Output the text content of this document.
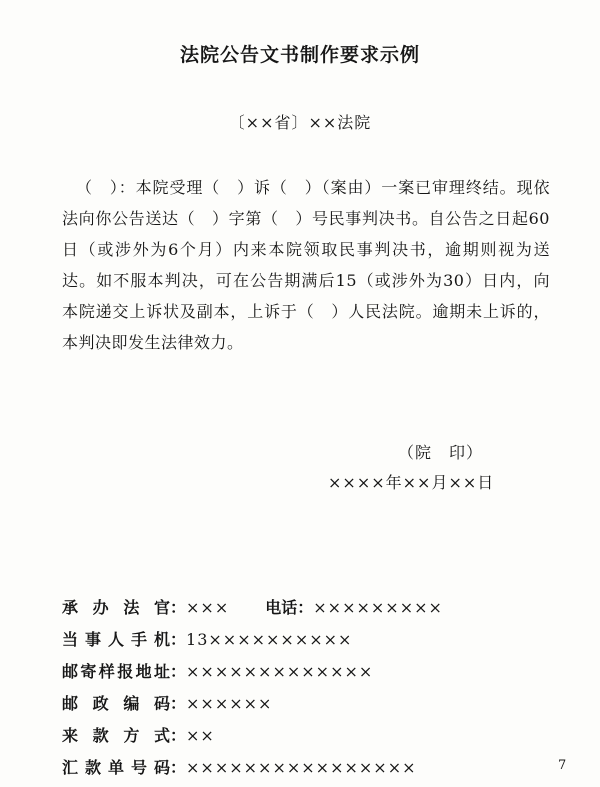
法院公告文书制作要求示例
〔××省〕××法院

（　）：本院受理（　）诉（　）（案由）一案已审理终结。现依法向你公告送达（　）字第（　）号民事判决书。自公告之日起60日（或涉外为6个月）内来本院领取民事判决书，逾期则视为送达。如不服本判决，可在公告期满后15（或涉外为30）日内，向本院递交上诉状及副本，上诉于（　）人民法院。逾期未上诉的，本判决即发生法律效力。

（院　印）
××××年××月××日
承办法官：××× 电话：×××××××××
当事人手机：13××××××××××
邮寄样报地址：×××××××××××××
邮政编码：××××××
来款方式：××
汇款单号码：××××××××××××××××	7
